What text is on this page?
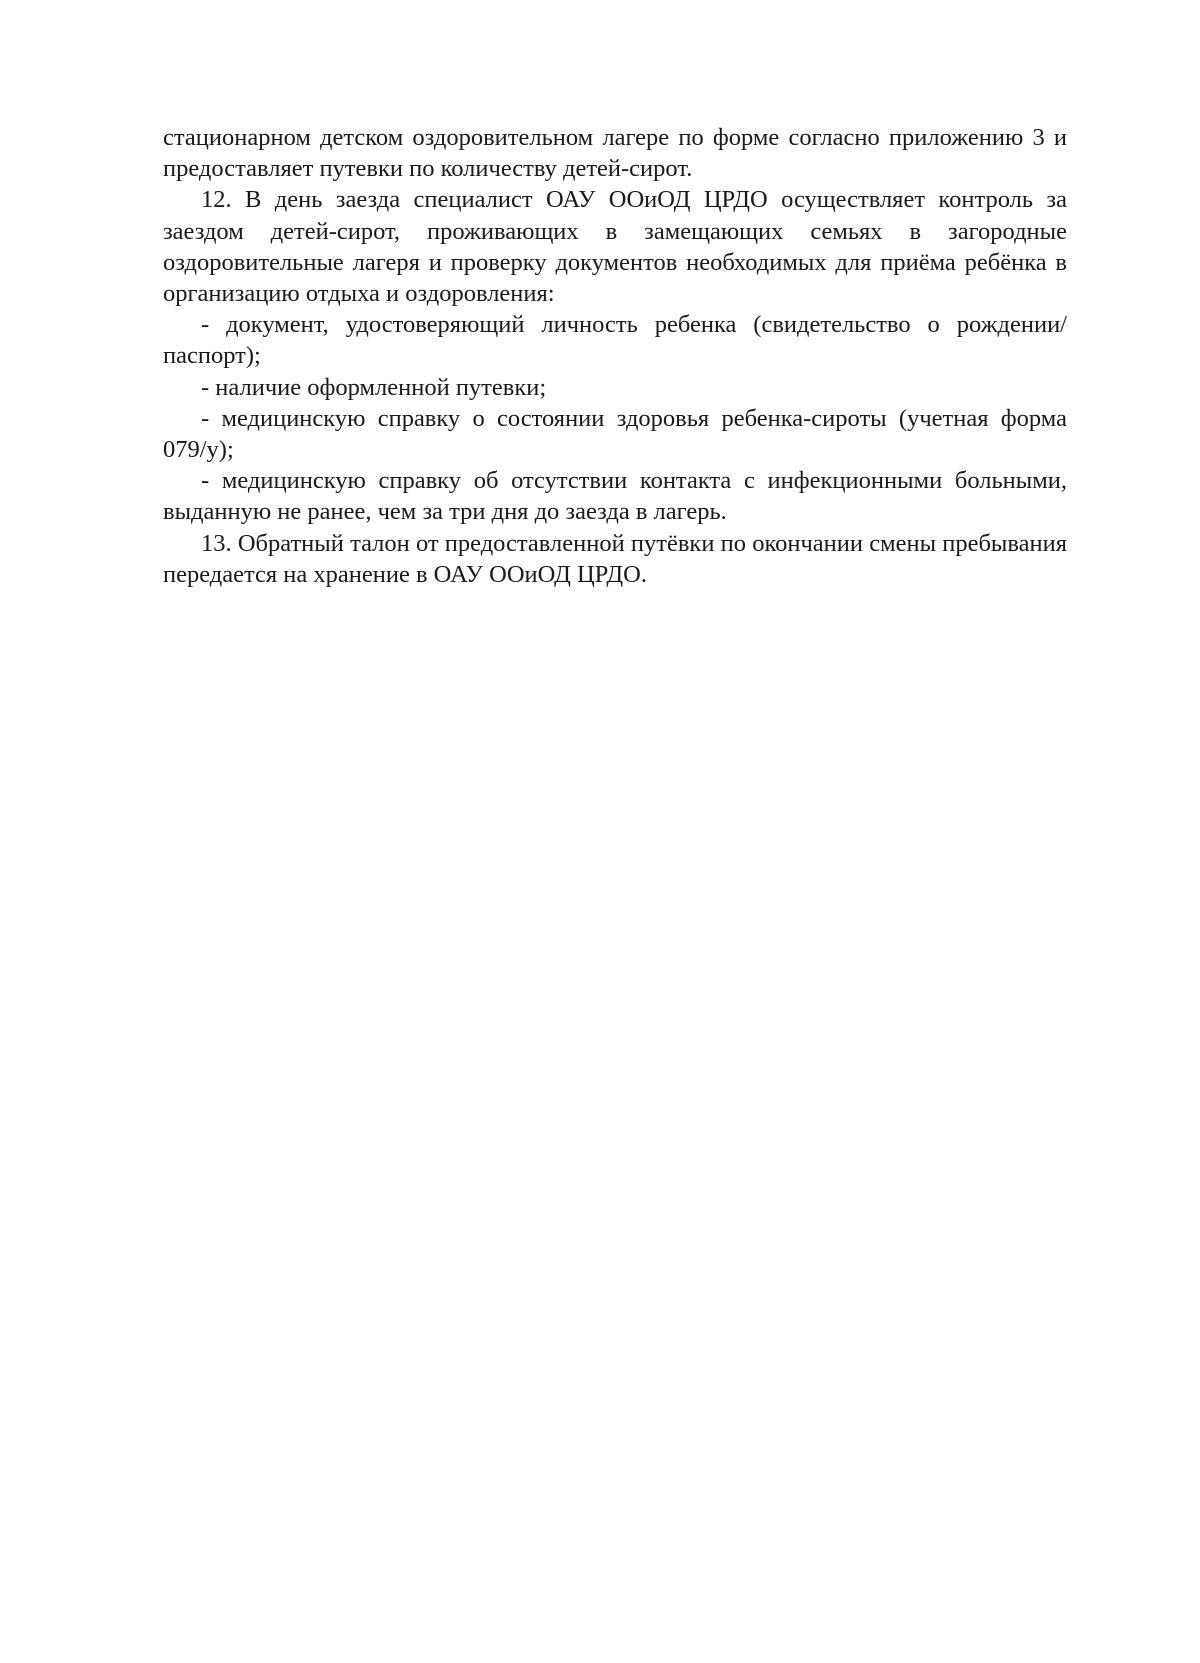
стационарном детском оздоровительном лагере по форме согласно приложению 3 и предоставляет путевки по количеству детей-сирот.

12. В день заезда специалист ОАУ ООиОД ЦРДО осуществляет контроль за заездом детей-сирот, проживающих в замещающих семьях в загородные оздоровительные лагеря и проверку документов необходимых для приёма ребёнка в организацию отдыха и оздоровления:

- документ, удостоверяющий личность ребенка (свидетельство о рождении/паспорт);

- наличие оформленной путевки;

- медицинскую справку о состоянии здоровья ребенка-сироты (учетная форма 079/у);

- медицинскую справку об отсутствии контакта с инфекционными больными, выданную не ранее, чем за три дня до заезда в лагерь.

13. Обратный талон от предоставленной путёвки по окончании смены пребывания передается на хранение в ОАУ ООиОД ЦРДО.
